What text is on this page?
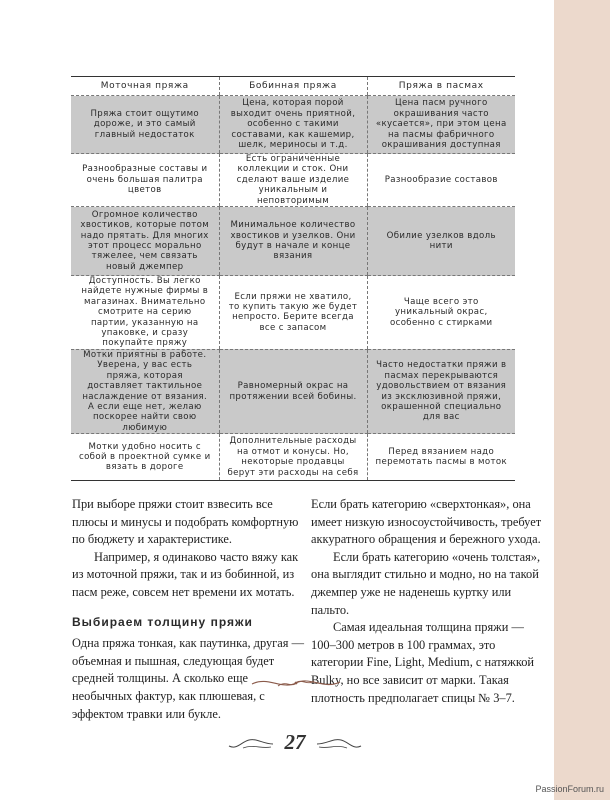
Моточная пряжа	Бобинная пряжа	Пряжа в пасмах
Пряжа стоит ощутимо дороже, и это самый главный недостаток	Цена, которая порой выходит очень приятной, особенно с такими составами, как кашемир, шелк, мериносы и т.д.	Цена пасм ручного окрашивания часто «кусается», при этом цена на пасмы фабричного окрашивания доступная
Разнообразные составы и очень большая палитра цветов	Есть ограниченные коллекции и сток. Они сделают ваше изделие уникальным и неповторимым	Разнообразие составов
Огромное количество хвостиков, которые потом надо прятать. Для многих этот процесс морально тяжелее, чем связать новый джемпер	Минимальное количество хвостиков и узелков. Они будут в начале и конце вязания	Обилие узелков вдоль нити
Доступность. Вы легко найдете нужные фирмы в магазинах. Внимательно смотрите на серию партии, указанную на упаковке, и сразу покупайте пряжу	Если пряжи не хватило, то купить такую же будет непросто. Берите всегда все с запасом	Чаще всего это уникальный окрас, особенно с стирками
Мотки приятны в работе. Уверена, у вас есть пряжа, которая доставляет тактильное наслаждение от вязания. А если еще нет, желаю поскорее найти свою любимую	Равномерный окрас на протяжении всей бобины.	Часто недостатки пряжи в пасмах перекрываются удовольствием от вязания из эксклюзивной пряжи, окрашенной специально для вас
Мотки удобно носить с собой в проектной сумке и вязать в дороге	Дополнительные расходы на отмот и конусы. Но, некоторые продавцы берут эти расходы на себя	Перед вязанием надо перемотать пасмы в моток

При выборе пряжи стоит взвесить все плюсы и минусы и подобрать комфортную по бюджету и характеристике.

Например, я одинаково часто вяжу как из моточной пряжи, так и из бобинной, из пасм реже, совсем нет времени их мотать.

Выбираем толщину пряжи

Одна пряжа тонкая, как паутинка, другая — объемная и пышная, следующая будет средней толщины. А сколько еще необычных фактур, как плюшевая, с эффектом травки или букле.

Если брать категорию «сверхтонкая», она имеет низкую износоустойчивость, требует аккуратного обращения и бережного ухода.

Если брать категорию «очень толстая», она выглядит стильно и модно, но на такой джемпер уже не наденешь куртку или пальто.

Самая идеальная толщина пряжи — 100–300 метров в 100 граммах, это категории Fine, Light, Medium, с натяжкой Bulky, но все зависит от марки. Такая плотность предполагает спицы № 3–7.

27
PassionForum.ru
